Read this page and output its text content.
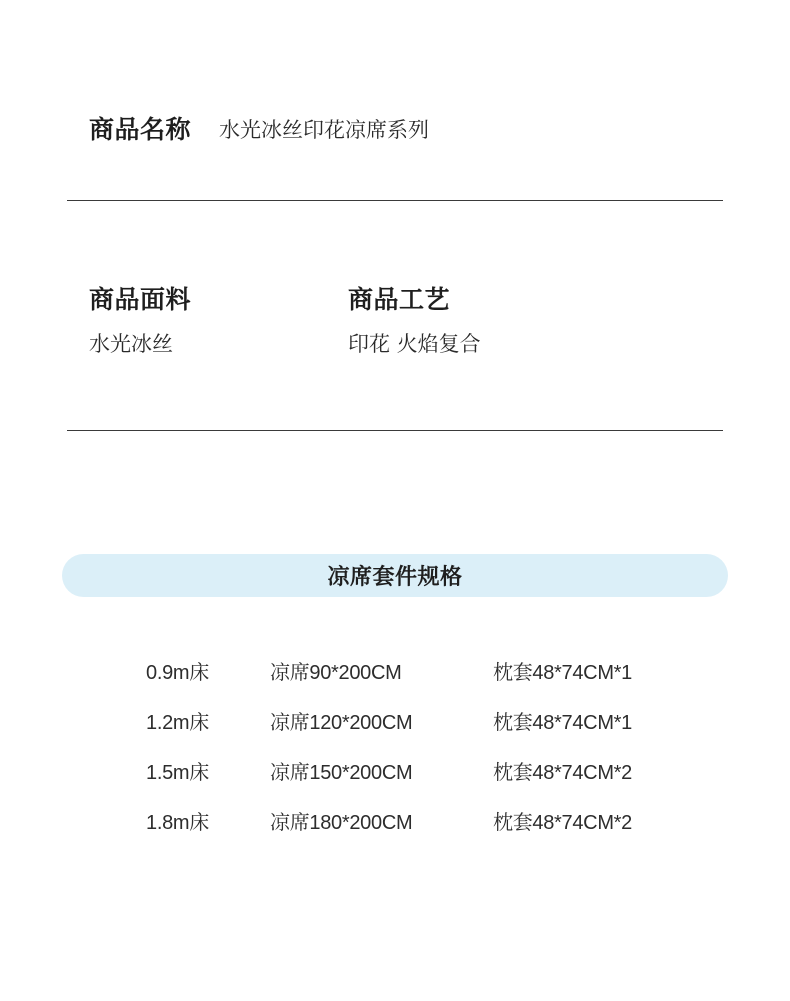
商品名称 水光冰丝印花凉席系列
商品面料
水光冰丝
商品工艺
印花 火焰复合
凉席套件规格
0.9m床	凉席90*200CM	枕套48*74CM*1
1.2m床	凉席120*200CM	枕套48*74CM*1
1.5m床	凉席150*200CM	枕套48*74CM*2
1.8m床	凉席180*200CM	枕套48*74CM*2
